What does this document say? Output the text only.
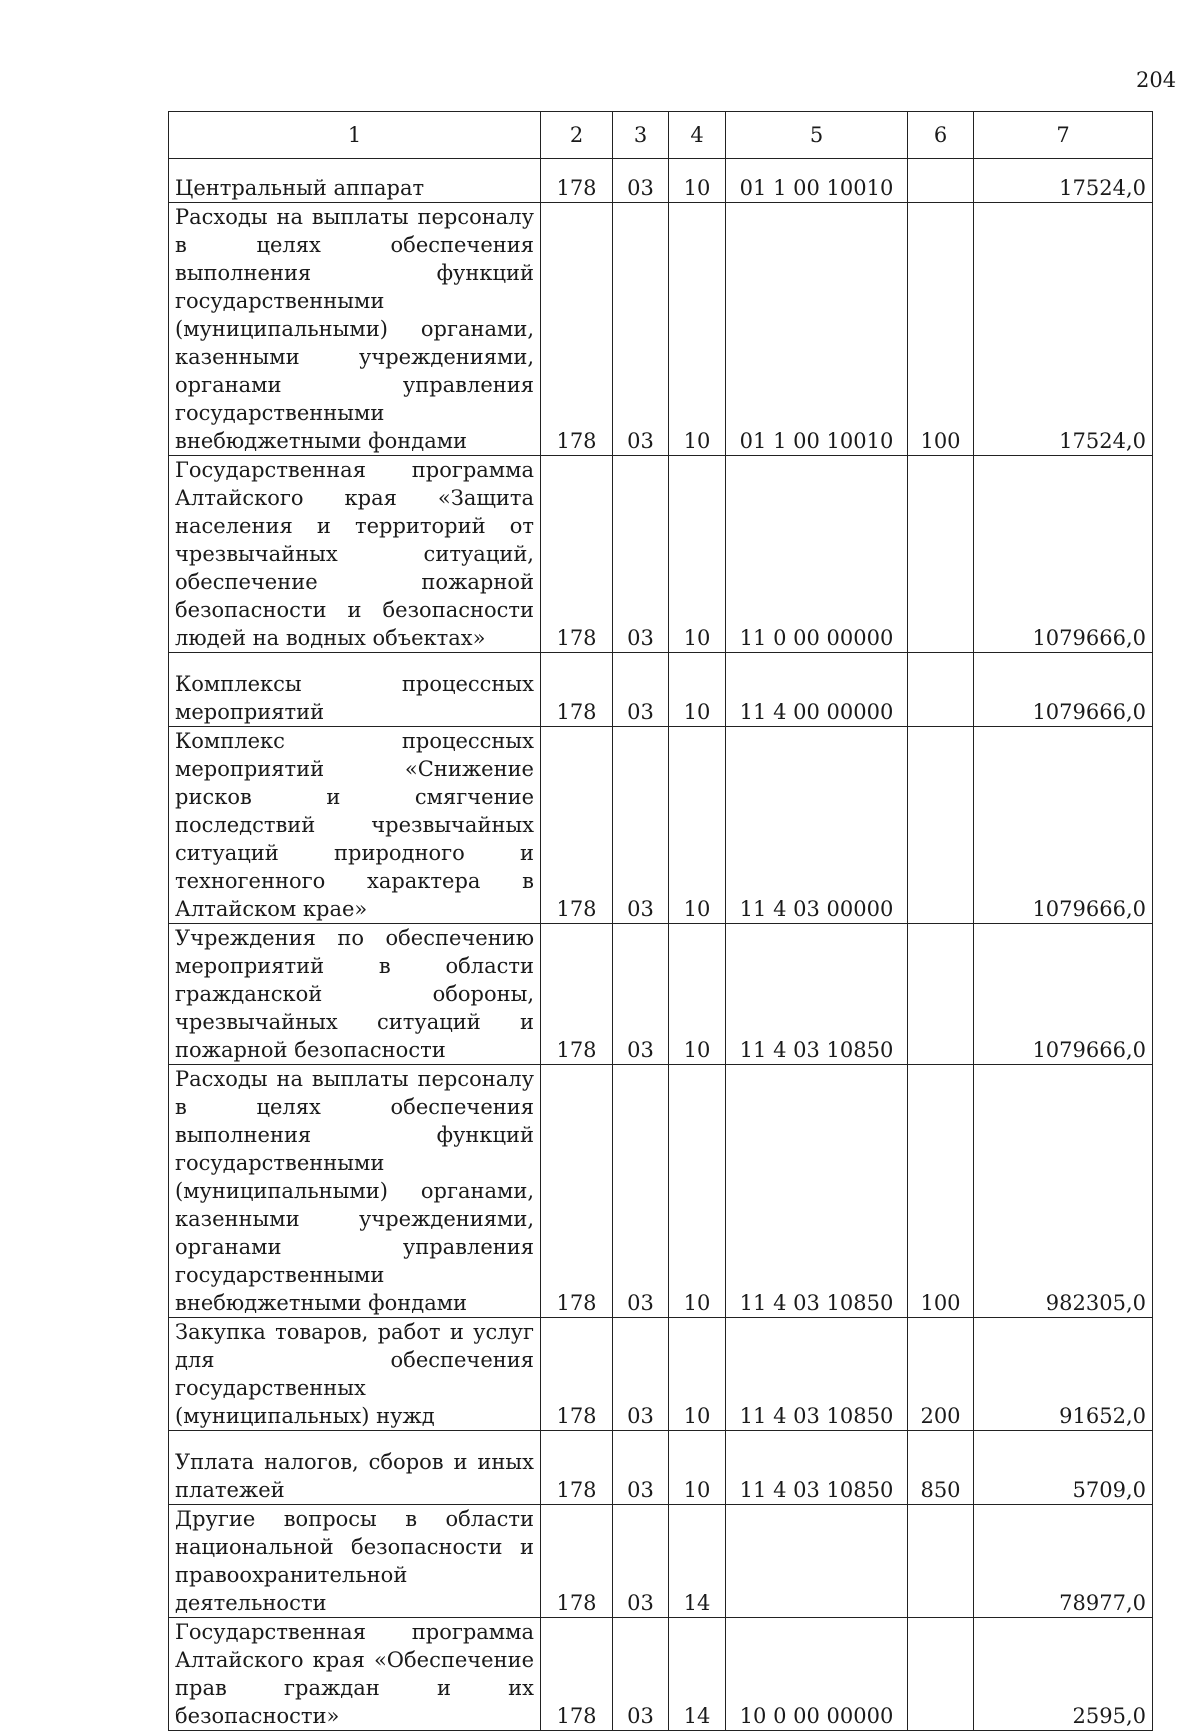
204
1	2	3	4	5	6	7
Центральный аппарат	178	03	10	01 1 00 10010		17524,0
Расходы на выплаты персоналу в целях обеспечения выполнения функций государственными (муниципальными) органами, казенными учреждениями, органами управления государственными внебюджетными фондами	178	03	10	01 1 00 10010	100	17524,0
Государственная программа Алтайского края «Защита населения и территорий от чрезвычайных ситуаций, обеспечение пожарной безопасности и безопасности людей на водных объектах»	178	03	10	11 0 00 00000		1079666,0
Комплексы процессных мероприятий	178	03	10	11 4 00 00000		1079666,0
Комплекс процессных мероприятий «Снижение рисков и смягчение последствий чрезвычайных ситуаций природного и техногенного характера в Алтайском крае»	178	03	10	11 4 03 00000		1079666,0
Учреждения по обеспечению мероприятий в области гражданской обороны, чрезвычайных ситуаций и пожарной безопасности	178	03	10	11 4 03 10850		1079666,0
Расходы на выплаты персоналу в целях обеспечения выполнения функций государственными (муниципальными) органами, казенными учреждениями, органами управления государственными внебюджетными фондами	178	03	10	11 4 03 10850	100	982305,0
Закупка товаров, работ и услуг для обеспечения государственных (муниципальных) нужд	178	03	10	11 4 03 10850	200	91652,0
Уплата налогов, сборов и иных платежей	178	03	10	11 4 03 10850	850	5709,0
Другие вопросы в области национальной безопасности и правоохранительной деятельности	178	03	14			78977,0
Государственная программа Алтайского края «Обеспечение прав граждан и их безопасности»	178	03	14	10 0 00 00000		2595,0
